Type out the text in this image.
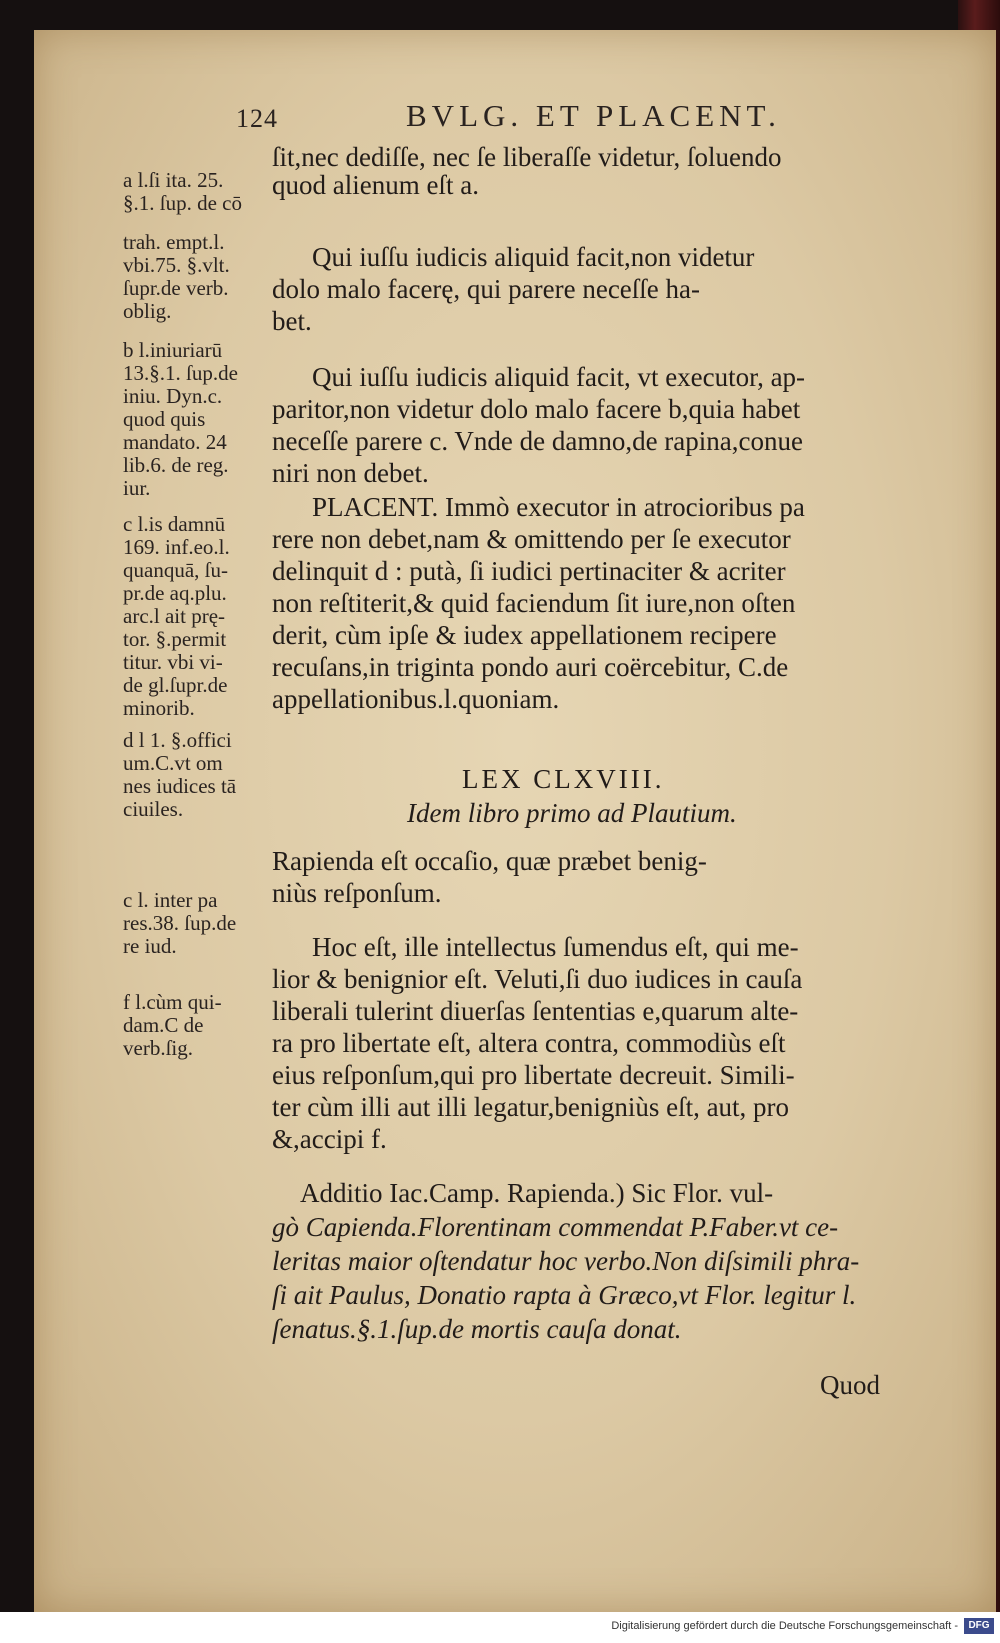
124	BVLG. ET PLACENT.
ſit,nec dediſſe, nec ſe liberaſſe videtur, ſoluendo
quod alienum eſt a.
Qui iuſſu iudicis aliquid facit,non videtur
dolo malo facerę, qui parere neceſſe ha-
bet.
Qui iuſſu iudicis aliquid facit, vt executor, ap-
paritor,non videtur dolo malo facere b,quia habet
neceſſe parere c. Vnde de damno,de rapina,conue
niri non debet.
PLACENT. Immò executor in atrocioribus pa
rere non debet,nam & omittendo per ſe executor
delinquit d : putà, ſi iudici pertinaciter & acriter
non reſtiterit,& quid faciendum ſit iure,non oſten
derit, cùm ipſe & iudex appellationem recipere
recuſans,in triginta pondo auri coërcebitur, C.de
appellationibus.l.quoniam.
LEX CLXVIII.
Idem libro primo ad Plautium.
Rapienda eſt occaſio, quæ præbet benig-
niùs reſponſum.
Hoc eſt, ille intellectus ſumendus eſt, qui me-
lior & benignior eſt. Veluti,ſi duo iudices in cauſa
liberali tulerint diuerſas ſententias e,quarum alte-
ra pro libertate eſt, altera contra, commodiùs eſt
eius reſponſum,qui pro libertate decreuit. Simili-
ter cùm illi aut illi legatur,benigniùs eſt, aut, pro
&,accipi f.
Additio Iac.Camp. Rapienda.) Sic Flor. vul-
gò Capienda.Florentinam commendat P.Faber.vt ce-
leritas maior oſtendatur hoc verbo.Non diſsimili phra-
ſi ait Paulus, Donatio rapta à Græco,vt Flor. legitur l.
ſenatus.§.1.ſup.de mortis cauſa donat.
Quod
a l.ſi ita. 25.
§.1. ſup. de cō
trah. empt.l.
vbi.75. §.vlt.
ſupr.de verb.
oblig.
b l.iniuriarū
13.§.1. ſup.de
iniu. Dyn.c.
quod quis
mandato. 24
lib.6. de reg.
iur.
c l.is damnū
169. inf.eo.l.
quanquā, ſu-
pr.de aq.plu.
arc.l ait prę-
tor. §.permit
titur. vbi vi-
de gl.ſupr.de
minorib.
d l 1. §.offici
um.C.vt om
nes iudices tā
ciuiles.
c l. inter pa
res.38. ſup.de
re iud.
f l.cùm qui-
dam.C de
verb.ſig.
Digitalisierung gefördert durch die Deutsche Forschungsgemeinschaft -	DFG
